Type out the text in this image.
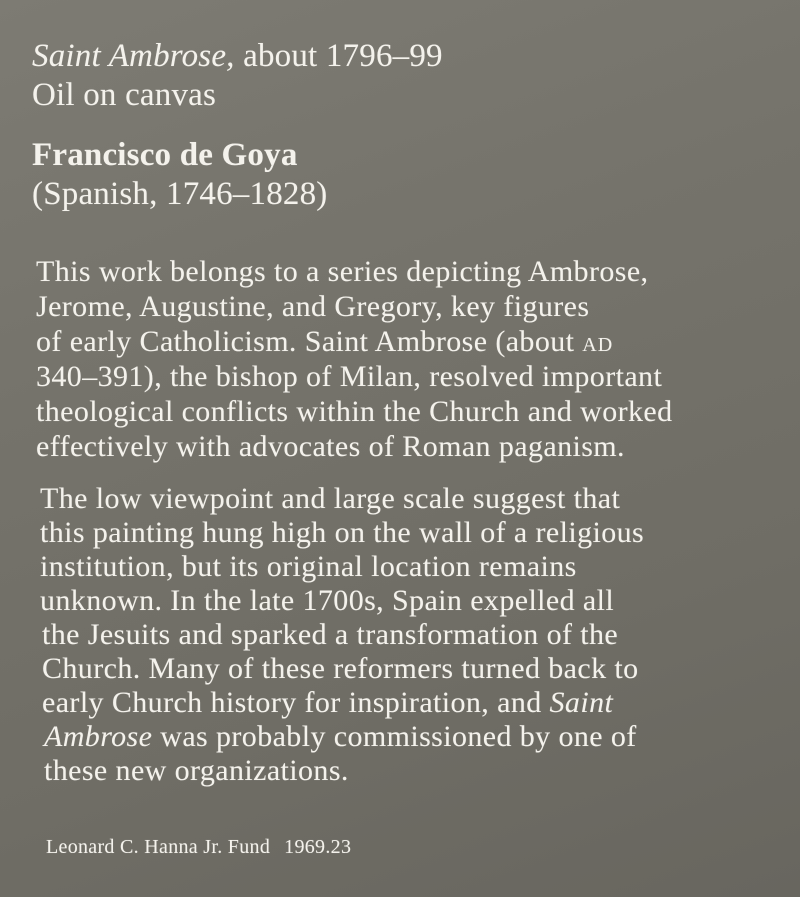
Saint Ambrose, about 1796–99
Oil on canvas
Francisco de Goya
(Spanish, 1746–1828)
This work belongs to a series depicting Ambrose,
Jerome, Augustine, and Gregory, key figures
of early Catholicism. Saint Ambrose (about AD
340–391), the bishop of Milan, resolved important
theological conflicts within the Church and worked
effectively with advocates of Roman paganism.
The low viewpoint and large scale suggest that
this painting hung high on the wall of a religious
institution, but its original location remains
unknown. In the late 1700s, Spain expelled all
the Jesuits and sparked a transformation of the
Church. Many of these reformers turned back to
early Church history for inspiration, and Saint
Ambrose was probably commissioned by one of
these new organizations.
Leonard C. Hanna Jr. Fund 1969.23
